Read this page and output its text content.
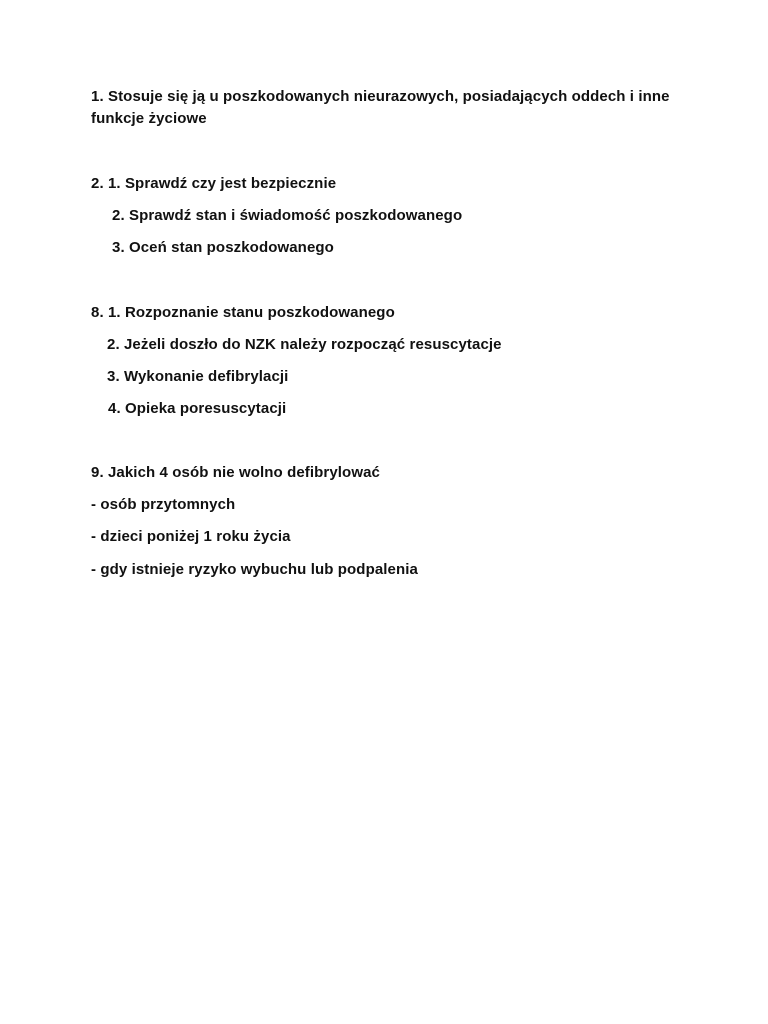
1. Stosuje się ją u poszkodowanych nieurazowych, posiadających oddech i inne funkcje życiowe
2. 1. Sprawdź czy jest bezpiecznie
2. Sprawdź stan i świadomość poszkodowanego
3. Oceń stan poszkodowanego
8. 1. Rozpoznanie stanu poszkodowanego
2. Jeżeli doszło do NZK należy rozpocząć resuscytacje
3. Wykonanie defibrylacji
4. Opieka poresuscytacji
9. Jakich 4 osób nie wolno defibrylować
- osób przytomnych
- dzieci poniżej 1 roku życia
- gdy istnieje ryzyko wybuchu lub podpalenia
